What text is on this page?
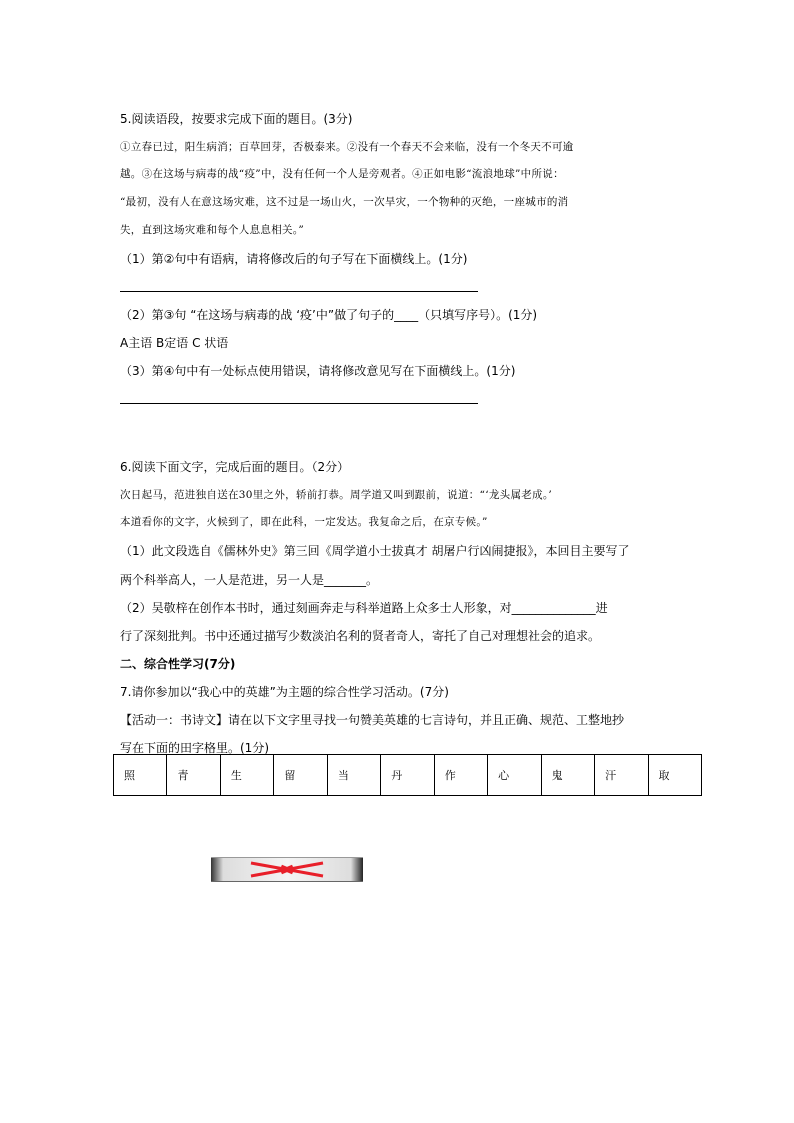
5.阅读语段，按要求完成下面的题目。(3分)
①立春已过，阳生病消；百草回芽，否极泰来。②没有一个春天不会来临，没有一个冬天不可逾
越。③在这场与病毒的战“疫”中，没有任何一个人是旁观者。④正如电影“流浪地球”中所说：
“最初，没有人在意这场灾难，这不过是一场山火，一次旱灾，一个物种的灭绝，一座城市的消
失，直到这场灾难和每个人息息相关。”
（1）第②句中有语病，请将修改后的句子写在下面横线上。(1分)
（2）第③句 “在这场与病毒的战 ‘疫’中”做了句子的____（只填写序号）。(1分)
A主语 B定语 C 状语
（3）第④句中有一处标点使用错误，请将修改意见写在下面横线上。(1分)
6.阅读下面文字，完成后面的题目。（2分）
次日起马，范进独自送在30里之外，轿前打恭。周学道又叫到跟前，说道：“‘龙头属老成。’
本道看你的文字，火候到了，即在此科，一定发达。我复命之后，在京专候。”
（1）此文段选自《儒林外史》第三回《周学道小士拔真才 胡屠户行凶闹捷报》，本回目主要写了
两个科举高人，一人是范进，另一人是_______。
（2）吴敬梓在创作本书时，通过刻画奔走与科举道路上众多士人形象，对______________进
行了深刻批判。书中还通过描写少数淡泊名利的贤者奇人，寄托了自己对理想社会的追求。
二、综合性学习(7分)
7.请你参加以“我心中的英雄”为主题的综合性学习活动。(7分)
【活动一：书诗文】请在以下文字里寻找一句赞美英雄的七言诗句，并且正确、规范、工整地抄
写在下面的田字格里。(1分)
照	青	生	留	当	丹	作	心	鬼	汗	取
